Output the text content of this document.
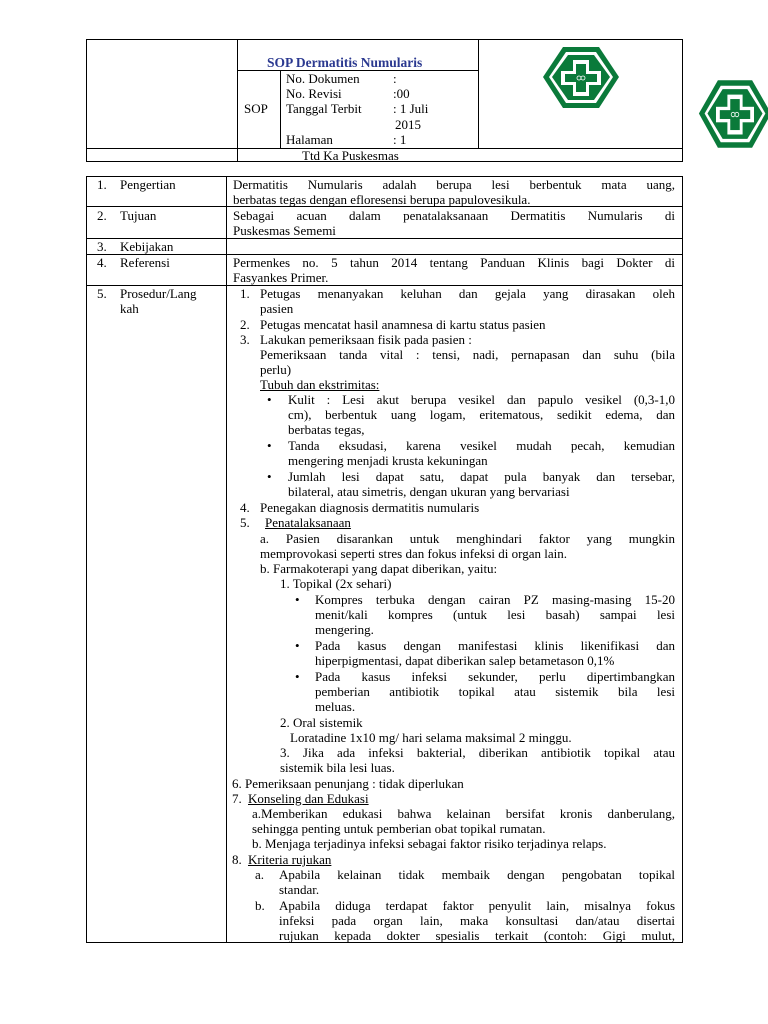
SOP Dermatitis Numularis
SOP
No. Dokumen	:
No. Revisi	:00
Tanggal Terbit : 1 Juli
2015
Halaman	: 1
Ttd Ka Puskesmas
1. Pengertian	Dermatitis Numularis adalah berupa lesi berbentuk mata uang,
berbatas tegas dengan efloresensi berupa papulovesikula.
2. Tujuan	Sebagai acuan dalam penatalaksanaan Dermatitis Numularis di
Puskesmas Sememi
3. Kebijakan
4. Referensi	Permenkes no. 5 tahun 2014 tentang Panduan Klinis bagi Dokter di
Fasyankes Primer.
5. Prosedur/Lang
kah
1. Petugas menanyakan keluhan dan gejala yang dirasakan oleh
pasien
2. Petugas mencatat hasil anamnesa di kartu status pasien
3. Lakukan pemeriksaan fisik pada pasien :
Pemeriksaan tanda vital : tensi, nadi, pernapasan dan suhu (bila
perlu)
Tubuh dan ekstrimitas:
• Kulit : Lesi akut berupa vesikel dan papulo vesikel (0,3-1,0
cm), berbentuk uang logam, eritematous, sedikit edema, dan
berbatas tegas,
• Tanda eksudasi, karena vesikel mudah pecah, kemudian
mengering menjadi krusta kekuningan
• Jumlah lesi dapat satu, dapat pula banyak dan tersebar,
bilateral, atau simetris, dengan ukuran yang bervariasi
4. Penegakan diagnosis dermatitis numularis
5. Penatalaksanaan
a. Pasien disarankan untuk menghindari faktor yang mungkin
memprovokasi seperti stres dan fokus infeksi di organ lain.
b. Farmakoterapi yang dapat diberikan, yaitu:
1. Topikal (2x sehari)
• Kompres terbuka dengan cairan PZ masing-masing 15-20
menit/kali kompres (untuk lesi basah) sampai lesi
mengering.
• Pada kasus dengan manifestasi klinis likenifikasi dan
hiperpigmentasi, dapat diberikan salep betametason 0,1%
• Pada kasus infeksi sekunder, perlu dipertimbangkan
pemberian antibiotik topikal atau sistemik bila lesi
meluas.
2. Oral sistemik
Loratadine 1x10 mg/ hari selama maksimal 2 minggu.
3. Jika ada infeksi bakterial, diberikan antibiotik topikal atau
sistemik bila lesi luas.
6. Pemeriksaan penunjang : tidak diperlukan
7. Konseling dan Edukasi
a.Memberikan edukasi bahwa kelainan bersifat kronis danberulang,
sehingga penting untuk pemberian obat topikal rumatan.
b. Menjaga terjadinya infeksi sebagai faktor risiko terjadinya relaps.
8. Kriteria rujukan
a. Apabila kelainan tidak membaik dengan pengobatan topikal
standar.
b. Apabila diduga terdapat faktor penyulit lain, misalnya fokus
infeksi pada organ lain, maka konsultasi dan/atau disertai
rujukan kepada dokter spesialis terkait (contoh: Gigi mulut,
